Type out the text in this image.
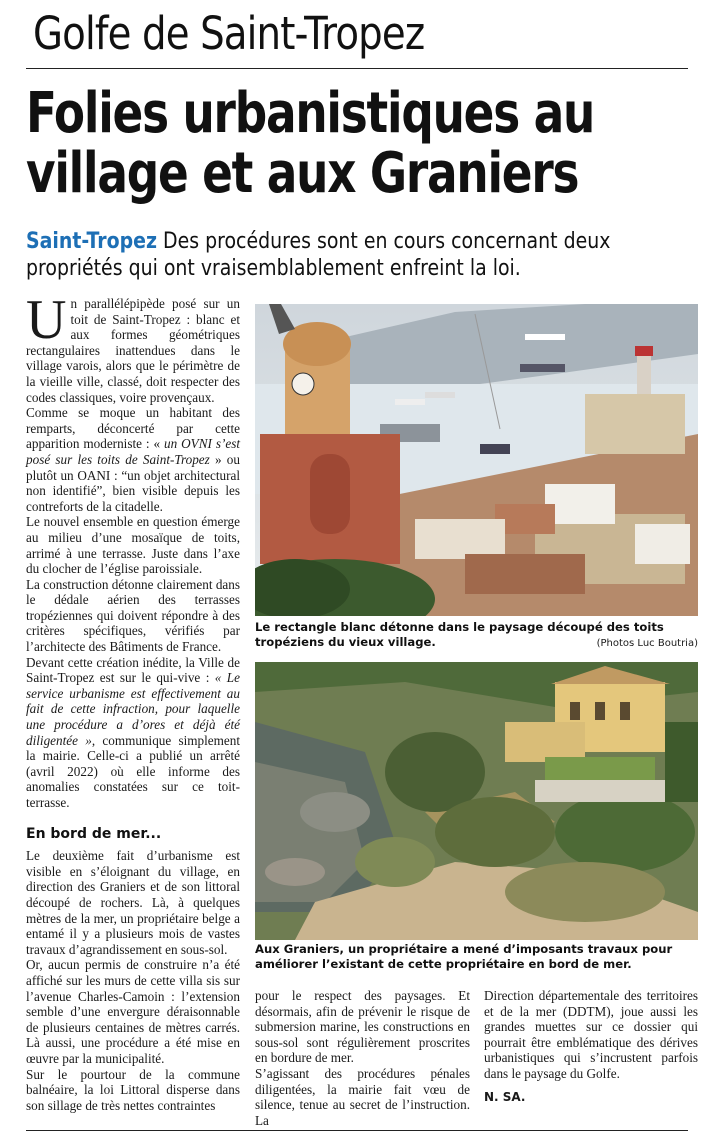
Golfe de Saint-Tropez
Folies urbanistiques au village et aux Graniers
Saint-Tropez Des procédures sont en cours concernant deux propriétés qui ont vraisemblablement enfreint la loi.

Un parallélépipède posé sur un toit de Saint-Tropez : blanc et aux formes géométriques rectangulaires inattendues dans le village varois, alors que le périmètre de la vieille ville, classé, doit respecter des codes classiques, voire provençaux.

Comme se moque un habitant des remparts, déconcerté par cette apparition moderniste : « un OVNI s’est posé sur les toits de Saint-Tropez » ou plutôt un OANI : “un objet architectural non identifié”, bien visible depuis les contreforts de la citadelle.

Le nouvel ensemble en question émerge au milieu d’une mosaïque de toits, arrimé à une terrasse. Juste dans l’axe du clocher de l’église paroissiale.

La construction détonne clairement dans le dédale aérien des terrasses tropéziennes qui doivent répondre à des critères spécifiques, vérifiés par l’architecte des Bâtiments de France.

Devant cette création inédite, la Ville de Saint-Tropez est sur le qui-vive : « Le service urbanisme est effectivement au fait de cette infraction, pour laquelle une procédure a d’ores et déjà été diligentée », communique simplement la mairie. Celle-ci a publié un arrêté (avril 2022) où elle informe des anomalies constatées sur ce toit-terrasse.

En bord de mer...

Le deuxième fait d’urbanisme est visible en s’éloignant du village, en direction des Graniers et de son littoral découpé de rochers. Là, à quelques mètres de la mer, un propriétaire belge a entamé il y a plusieurs mois de vastes travaux d’agrandissement en sous-sol.

Or, aucun permis de construire n’a été affiché sur les murs de cette villa sis sur l’avenue Charles-Camoin : l’extension semble d’une envergure déraisonnable de plusieurs centaines de mètres carrés. Là aussi, une procédure a été mise en œuvre par la municipalité.

Sur le pourtour de la commune balnéaire, la loi Littoral disperse dans son sillage de très nettes contraintes

Le rectangle blanc détonne dans le paysage découpé des toits tropéziens du vieux village.	(Photos Luc Boutria)
Aux Graniers, un propriétaire a mené d’imposants travaux pour améliorer l’existant de cette propriétaire en bord de mer.

pour le respect des paysages. Et désormais, afin de prévenir le risque de submersion marine, les constructions en sous-sol sont régulièrement proscrites en bordure de mer.

S’agissant des procédures pénales diligentées, la mairie fait vœu de silence, tenue au secret de l’instruction. La

Direction départementale des territoires et de la mer (DDTM), joue aussi les grandes muettes sur ce dossier qui pourrait être emblématique des dérives urbanistiques qui s’incrustent parfois dans le paysage du Golfe.

N. SA.
